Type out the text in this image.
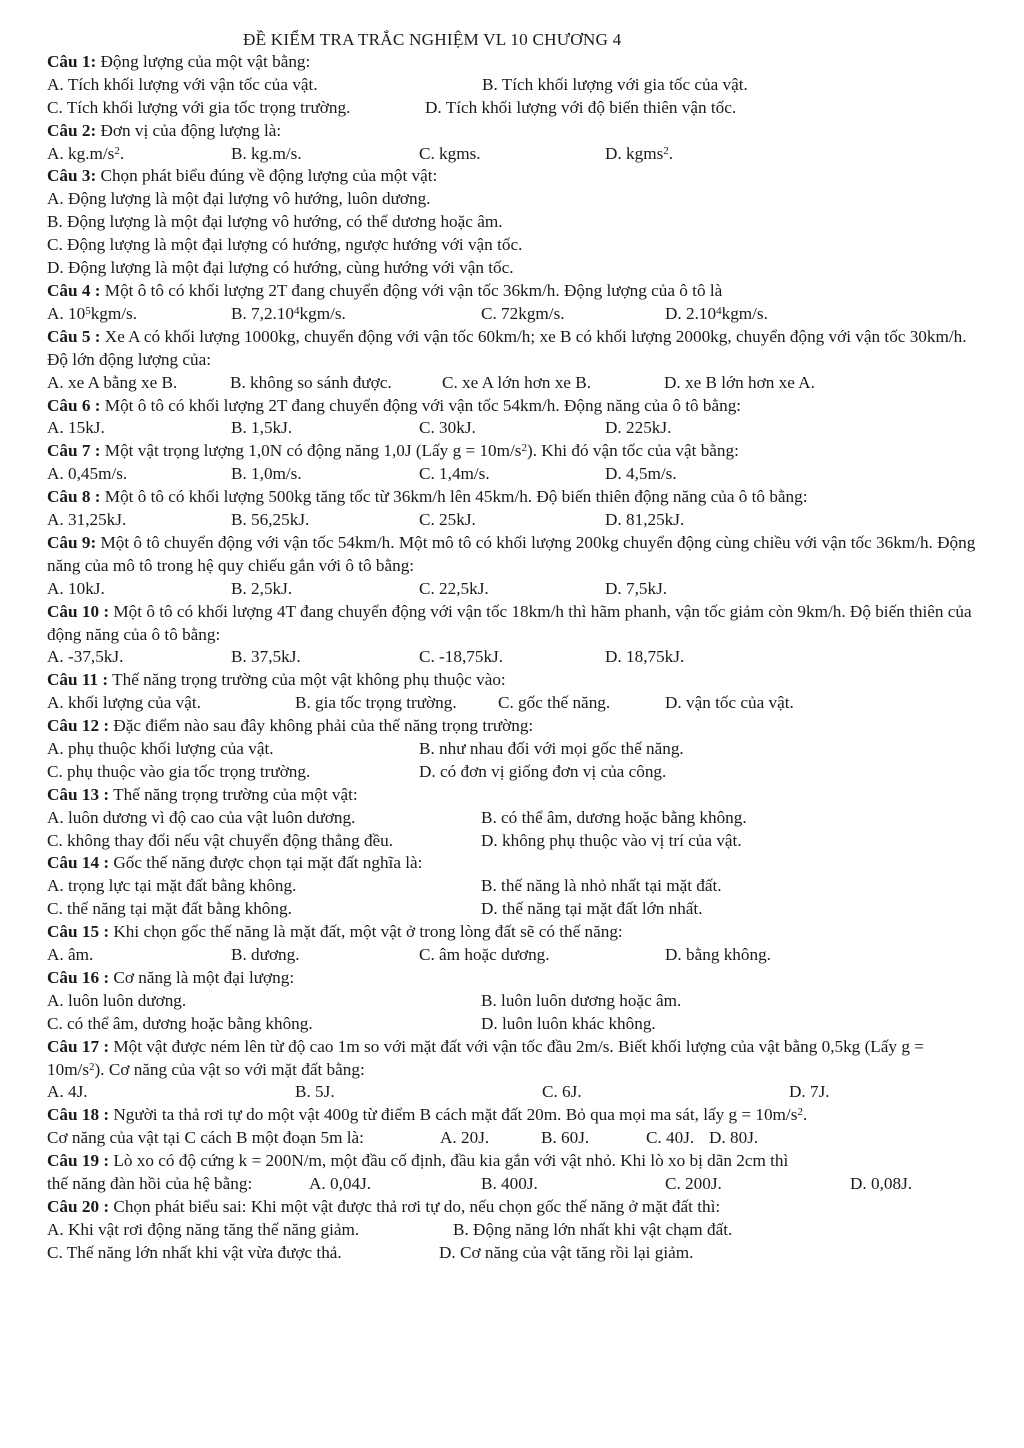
ĐỀ KIỂM TRA TRẮC NGHIỆM VL 10 CHƯƠNG 4
Câu 1: Động lượng của một vật bằng:
A. Tích khối lượng với vận tốc của vật.	B. Tích khối lượng với gia tốc của vật.
C. Tích khối lượng với gia tốc trọng trường.	D. Tích khối lượng với độ biến thiên vận tốc.
Câu 2: Đơn vị của động lượng là:
A. $kg.m/s^2$.	B. kg.m/s.	C. kgms.	D. kgms$^2$.
Câu 3: Chọn phát biểu đúng về động lượng của một vật:
A. Động lượng là một đại lượng vô hướng, luôn dương.
B. Động lượng là một đại lượng vô hướng, có thể dương hoặc âm.
C. Động lượng là một đại lượng có hướng, ngược hướng với vận tốc.
D. Động lượng là một đại lượng có hướng, cùng hướng với vận tốc.
Câu 4 : Một ô tô có khối lượng 2T đang chuyển động với vận tốc 36km/h. Động lượng của ô tô là
A. $10^5kgm/s$.	B. 7,2.10$^4$kgm/s.	C. 72kgm/s.	D. 2.10$^4$kgm/s.
Câu 5 : Xe A có khối lượng 1000kg, chuyển động với vận tốc 60km/h; xe B có khối lượng 2000kg, chuyển động với vận tốc 30km/h. Độ lớn động lượng của:
A. xe A bằng xe B.	B. không so sánh được.	C. xe A lớn hơn xe B.	D. xe B lớn hơn xe A.
Câu 6 : Một ô tô có khối lượng 2T đang chuyển động với vận tốc 54km/h. Động năng của ô tô bằng:
A. 15kJ.	B. 1,5kJ.	C. 30kJ.	D. 225kJ.
Câu 7 : Một vật trọng lượng 1,0N có động năng 1,0J (Lấy $g = 10m/s^2$). Khi đó vận tốc của vật bằng:
A. 0,45m/s.	B. 1,0m/s.	C. 1,4m/s.	D. 4,5m/s.
Câu 8 : Một ô tô có khối lượng 500kg tăng tốc từ 36km/h lên 45km/h. Độ biến thiên động năng của ô tô bằng:
A. 31,25kJ.	B. 56,25kJ.	C. 25kJ.	D. 81,25kJ.
Câu 9: Một ô tô chuyển động với vận tốc 54km/h. Một mô tô có khối lượng 200kg chuyển động cùng chiều với vận tốc 36km/h. Động năng của mô tô trong hệ quy chiếu gắn với ô tô bằng:
A. 10kJ.	B. 2,5kJ.	C. 22,5kJ.	D. 7,5kJ.
Câu 10 : Một ô tô có khối lượng 4T đang chuyển động với vận tốc 18km/h thì hãm phanh, vận tốc giảm còn 9km/h. Độ biến thiên của động năng của ô tô bằng:
A. -37,5kJ.	B. 37,5kJ.	C. -18,75kJ.	D. 18,75kJ.
Câu 11 : Thế năng trọng trường của một vật không phụ thuộc vào:
A. khối lượng của vật.	B. gia tốc trọng trường. C. gốc thế năng.	D. vận tốc của vật.
Câu 12 : Đặc điểm nào sau đây không phải của thế năng trọng trường:
A. phụ thuộc khối lượng của vật.	B. như nhau đối với mọi gốc thế năng.
C. phụ thuộc vào gia tốc trọng trường.	D. có đơn vị giống đơn vị của công.
Câu 13 : Thế năng trọng trường của một vật:
A. luôn dương vì độ cao của vật luôn dương.	B. có thể âm, dương hoặc bằng không.
C. không thay đổi nếu vật chuyển động thẳng đều.	D. không phụ thuộc vào vị trí của vật.
Câu 14 : Gốc thế năng được chọn tại mặt đất nghĩa là:
A. trọng lực tại mặt đất bằng không.	B. thế năng là nhỏ nhất tại mặt đất.
C. thế năng tại mặt đất bằng không.	D. thế năng tại mặt đất lớn nhất.
Câu 15 : Khi chọn gốc thế năng là mặt đất, một vật ở trong lòng đất sẽ có thế năng:
A. âm.	B. dương.	C. âm hoặc dương.	D. bằng không.
Câu 16 : Cơ năng là một đại lượng:
A. luôn luôn dương.	B. luôn luôn dương hoặc âm.
C. có thể âm, dương hoặc bằng không.	D. luôn luôn khác không.
Câu 17 : Một vật được ném lên từ độ cao 1m so với mặt đất với vận tốc đầu 2m/s. Biết khối lượng của vật bằng 0,5kg (Lấy $g = 10m/s^2$). Cơ năng của vật so với mặt đất bằng:
A. 4J.	B. 5J.	C. 6J.	D. 7J.
Câu 18 : Người ta thả rơi tự do một vật 400g từ điểm B cách mặt đất 20m. Bỏ qua mọi ma sát, lấy $g = 10m/s^2$.
Cơ năng của vật tại C cách B một đoạn 5m là:	A. 20J.	B. 60J.	C. 40J. D. 80J.
Câu 19 : Lò xo có độ cứng k = 200N/m, một đầu cố định, đầu kia gắn với vật nhỏ. Khi lò xo bị dãn 2cm thì
thế năng đàn hồi của hệ bằng:	A. 0,04J.	B. 400J.	C. 200J.	D. 0,08J.
Câu 20 : Chọn phát biểu sai: Khi một vật được thả rơi tự do, nếu chọn gốc thế năng ở mặt đất thì:
A. Khi vật rơi động năng tăng thế năng giảm.	B. Động năng lớn nhất khi vật chạm đất.
C. Thế năng lớn nhất khi vật vừa được thả.	D. Cơ năng của vật tăng rồi lại giảm.
